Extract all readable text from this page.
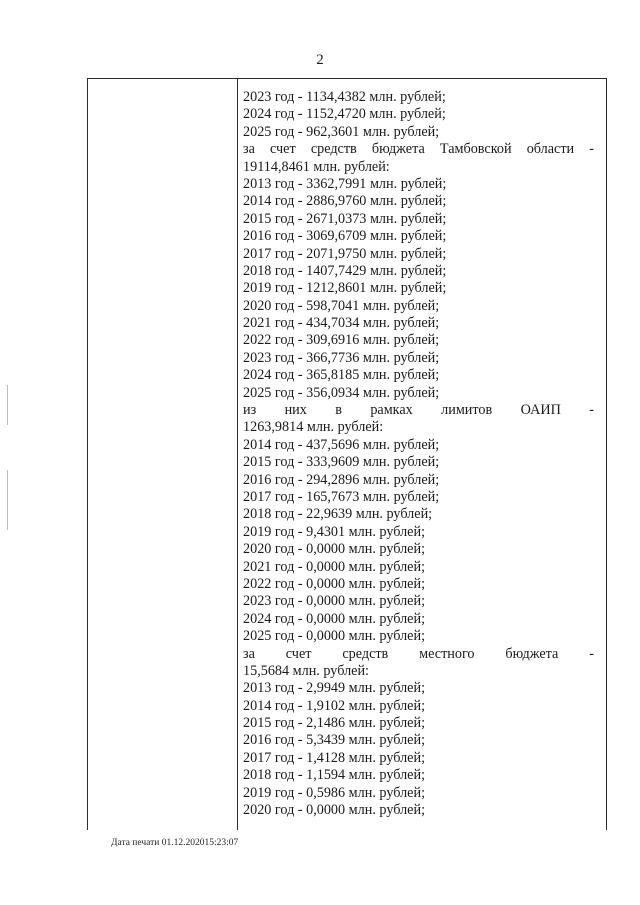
2
2023 год - 1134,4382 млн. рублей;
2024 год - 1152,4720 млн. рублей;
2025 год - 962,3601 млн. рублей;
за счет средств бюджета Тамбовской области -
19114,8461 млн. рублей:
2013 год - 3362,7991 млн. рублей;
2014 год - 2886,9760 млн. рублей;
2015 год - 2671,0373 млн. рублей;
2016 год - 3069,6709 млн. рублей;
2017 год - 2071,9750 млн. рублей;
2018 год - 1407,7429 млн. рублей;
2019 год - 1212,8601 млн. рублей;
2020 год - 598,7041 млн. рублей;
2021 год - 434,7034 млн. рублей;
2022 год - 309,6916 млн. рублей;
2023 год - 366,7736 млн. рублей;
2024 год - 365,8185 млн. рублей;
2025 год - 356,0934 млн. рублей;
из них в рамках лимитов ОАИП -
1263,9814 млн. рублей:
2014 год - 437,5696 млн. рублей;
2015 год - 333,9609 млн. рублей;
2016 год - 294,2896 млн. рублей;
2017 год - 165,7673 млн. рублей;
2018 год - 22,9639 млн. рублей;
2019 год - 9,4301 млн. рублей;
2020 год - 0,0000 млн. рублей;
2021 год - 0,0000 млн. рублей;
2022 год - 0,0000 млн. рублей;
2023 год - 0,0000 млн. рублей;
2024 год - 0,0000 млн. рублей;
2025 год - 0,0000 млн. рублей;
за счет средств местного бюджета -
15,5684 млн. рублей:
2013 год - 2,9949 млн. рублей;
2014 год - 1,9102 млн. рублей;
2015 год - 2,1486 млн. рублей;
2016 год - 5,3439 млн. рублей;
2017 год - 1,4128 млн. рублей;
2018 год - 1,1594 млн. рублей;
2019 год - 0,5986 млн. рублей;
2020 год - 0,0000 млн. рублей;
Дата печати 01.12.202015:23:07
